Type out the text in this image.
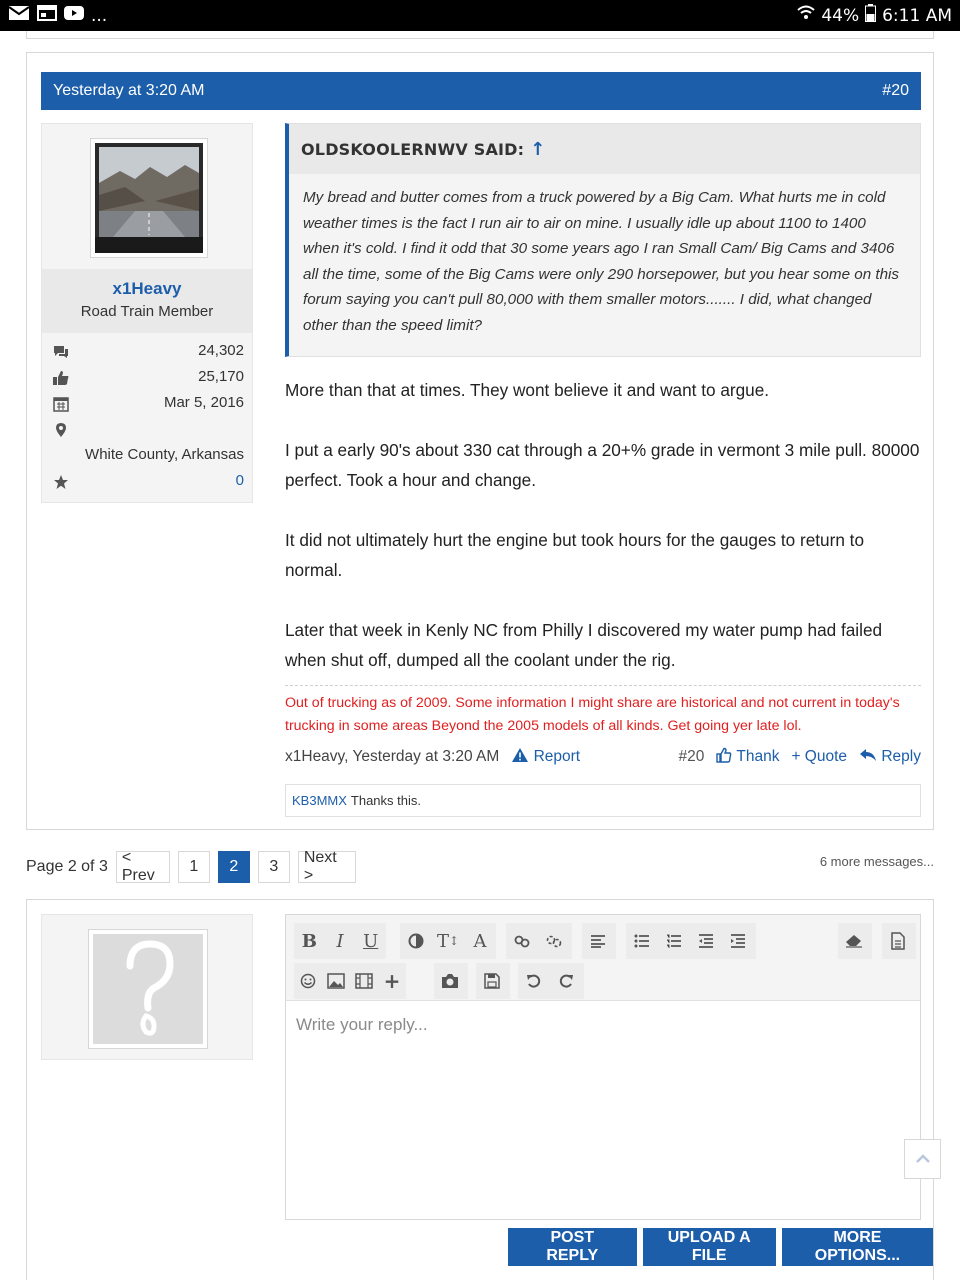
...	44% 6:11 AM
Yesterday at 3:20 AM	#20
x1Heavy
Road Train Member
24,302
25,170
Mar 5, 2016
White County, Arkansas
0
OLDSKOOLERNWV SAID: ↑
My bread and butter comes from a truck powered by a Big Cam. What hurts me in cold weather times is the fact I run air to air on mine. I usually idle up about 1100 to 1400 when it's cold. I find it odd that 30 some years ago I ran Small Cam/ Big Cams and 3406 all the time, some of the Big Cams were only 290 horsepower, but you hear some on this forum saying you can't pull 80,000 with them smaller motors....... I did, what changed other than the speed limit?

More than that at times. They wont believe it and want to argue.

I put a early 90's about 330 cat through a 20+% grade in vermont 3 mile pull. 80000 perfect. Took a hour and change.

It did not ultimately hurt the engine but took hours for the gauges to return to normal.

Later that week in Kenly NC from Philly I discovered my water pump had failed when shut off, dumped all the coolant under the rig.

Out of trucking as of 2009. Some information I might share are historical and not current in today's trucking in some areas Beyond the 2005 models of all kinds. Get going yer late lol.
x1Heavy, Yesterday at 3:20 AM	Report	#20	Thank + Quote	Reply
KB3MMX Thanks this.
Page 2 of 3
< Prev
1	2	3
Next >
6 more messages...
B	I	U	T ↕ A
+
Write your reply...
POST REPLY
UPLOAD A FILE
MORE OPTIONS...
